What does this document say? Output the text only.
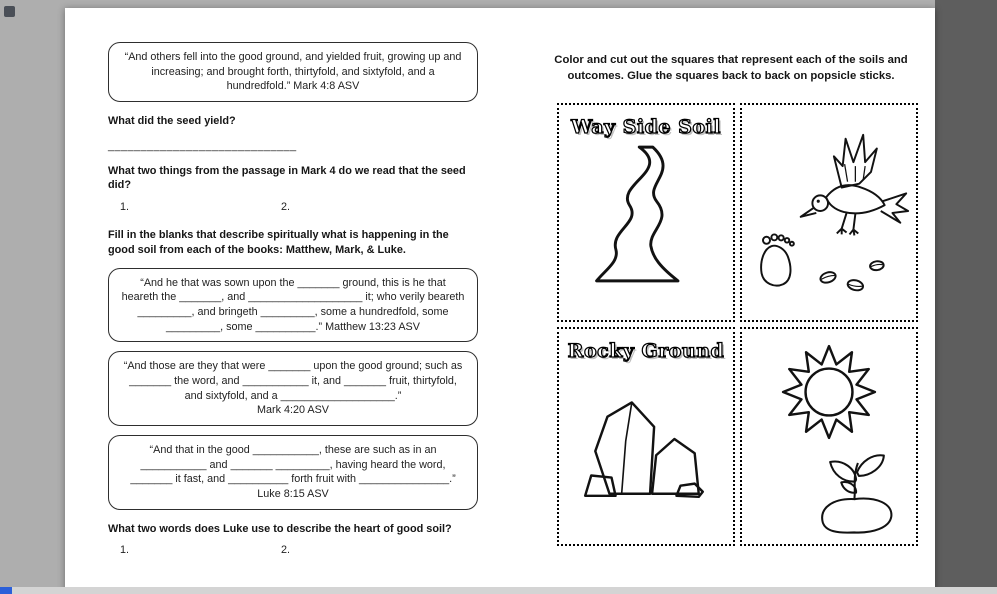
“And others fell into the good ground, and yielded fruit, growing up and increasing; and brought forth, thirtyfold, and sixtyfold, and a hundredfold.” Mark 4:8 ASV

What did the seed yield?

_____________________________

What two things from the passage in Mark 4 do we read that the seed did?

1.	2.

Fill in the blanks that describe spiritually what is happening in the good soil from each of the books: Matthew, Mark, & Luke.

“And he that was sown upon the _______ ground, this is he that heareth the _______, and ___________________ it; who verily beareth _________, and bringeth _________, some a hundredfold, some _________, some __________.” Matthew 13:23 ASV

“And those are they that were _______ upon the good ground; such as _______ the word, and ___________ it, and _______ fruit, thirtyfold, and sixtyfold, and a ___________________.”

Mark 4:20 ASV

“And that in the good ___________, these are such as in an ___________ and _______ _________, having heard the word, _______ it fast, and __________ forth fruit with _______________.”

Luke 8:15 ASV

What two words does Luke use to describe the heart of good soil?

1.	2.

Color and cut out the squares that represent each of the soils and outcomes. Glue the squares back to back on popsicle sticks.

Way Side Soil
Rocky Ground
